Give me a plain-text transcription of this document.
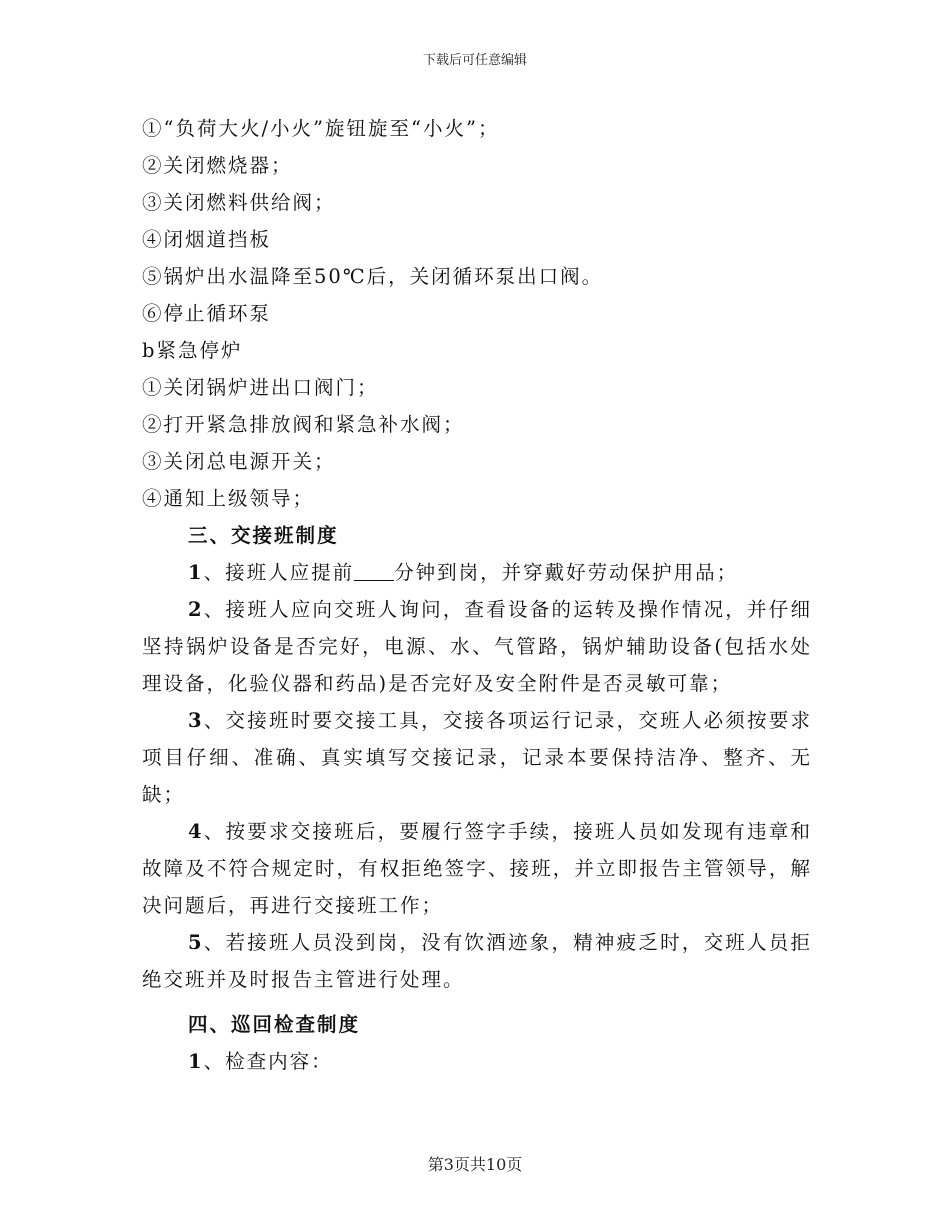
下载后可任意编辑
①“负荷大火/小火”旋钮旋至“小火”；
②关闭燃烧器；
③关闭燃料供给阀；
④闭烟道挡板
⑤锅炉出水温降至50℃后，关闭循环泵出口阀。
⑥停止循环泵
b紧急停炉
①关闭锅炉进出口阀门；
②打开紧急排放阀和紧急补水阀；
③关闭总电源开关；
④通知上级领导；
三、交接班制度
1、接班人应提前 分钟到岗，并穿戴好劳动保护用品；
2、接班人应向交班人询问，查看设备的运转及操作情况，并仔细坚持锅炉设备是否完好，电源、水、气管路，锅炉辅助设备(包括水处理设备，化验仪器和药品)是否完好及安全附件是否灵敏可靠；
3、交接班时要交接工具，交接各项运行记录，交班人必须按要求项目仔细、准确、真实填写交接记录，记录本要保持洁净、整齐、无缺；
4、按要求交接班后，要履行签字手续，接班人员如发现有违章和故障及不符合规定时，有权拒绝签字、接班，并立即报告主管领导，解决问题后，再进行交接班工作；
5、若接班人员没到岗，没有饮酒迹象，精神疲乏时，交班人员拒绝交班并及时报告主管进行处理。
四、巡回检查制度
1、检查内容：
第3页共10页
